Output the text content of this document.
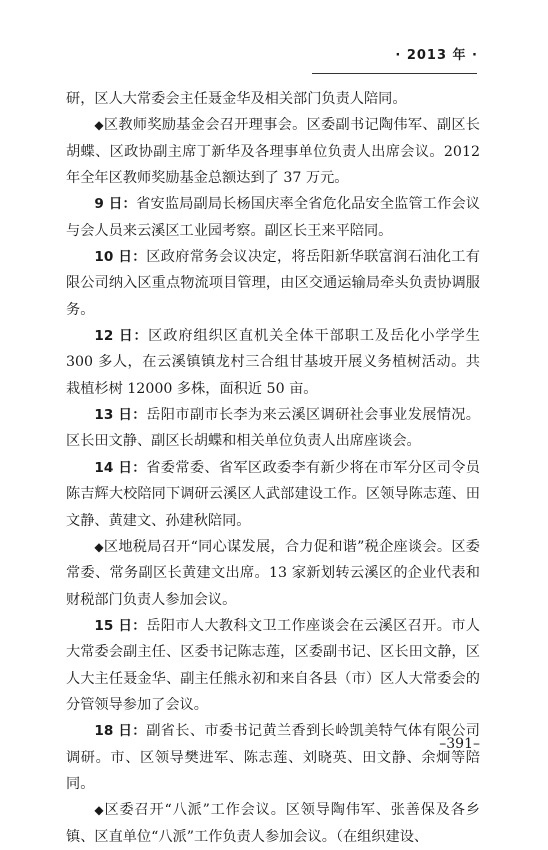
· 2013 年 ·

研，区人大常委会主任聂金华及相关部门负责人陪同。

◆区教师奖励基金会召开理事会。区委副书记陶伟军、副区长胡蝶、区政协副主席丁新华及各理事单位负责人出席会议。2012 年全年区教师奖励基金总额达到了 37 万元。

9 日：省安监局副局长杨国庆率全省危化品安全监管工作会议与会人员来云溪区工业园考察。副区长王来平陪同。

10 日：区政府常务会议决定，将岳阳新华联富润石油化工有限公司纳入区重点物流项目管理，由区交通运输局牵头负责协调服务。

12 日：区政府组织区直机关全体干部职工及岳化小学学生 300 多人，在云溪镇镇龙村三合组甘基坡开展义务植树活动。共栽植杉树 12000 多株，面积近 50 亩。

13 日：岳阳市副市长李为来云溪区调研社会事业发展情况。区长田文静、副区长胡蝶和相关单位负责人出席座谈会。

14 日：省委常委、省军区政委李有新少将在市军分区司令员陈吉辉大校陪同下调研云溪区人武部建设工作。区领导陈志莲、田文静、黄建文、孙建秋陪同。

◆区地税局召开“同心谋发展，合力促和谐”税企座谈会。区委常委、常务副区长黄建文出席。13 家新划转云溪区的企业代表和财税部门负责人参加会议。

15 日：岳阳市人大教科文卫工作座谈会在云溪区召开。市人大常委会副主任、区委书记陈志莲，区委副书记、区长田文静，区人大主任聂金华、副主任熊永初和来自各县（市）区人大常委会的分管领导参加了会议。

18 日：副省长、市委书记黄兰香到长岭凯美特气体有限公司调研。市、区领导樊进军、陈志莲、刘晓英、田文静、余炯等陪同。

◆区委召开“八派”工作会议。区领导陶伟军、张善保及各乡镇、区直单位“八派”工作负责人参加会议。（在组织建设、

–391–
